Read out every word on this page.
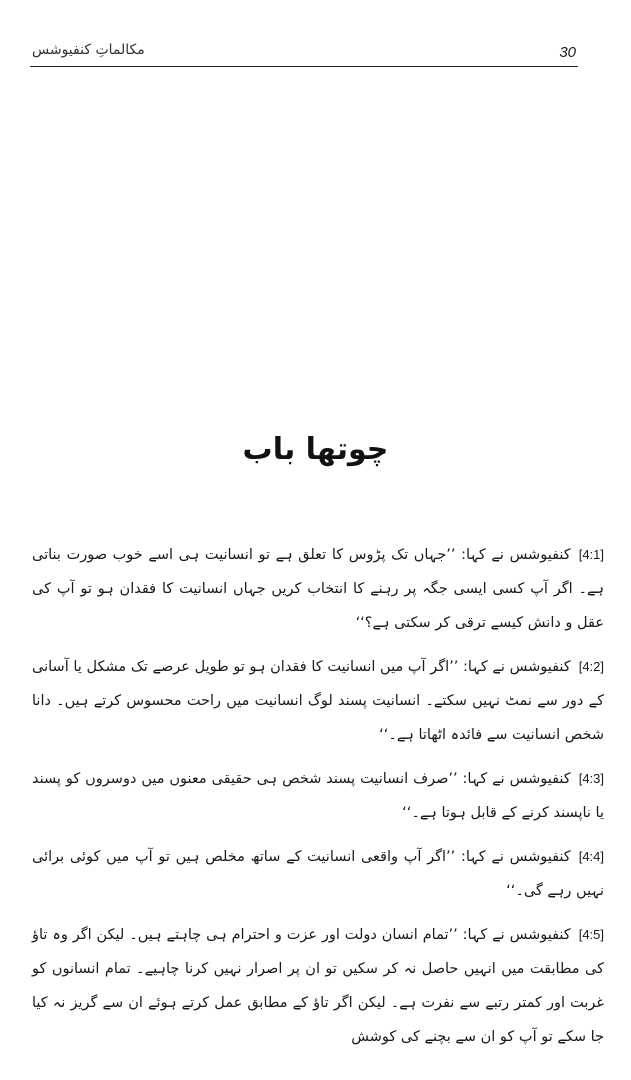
مکالماتِ کنفیوشس	30
چوتھا باب

[4:1]کنفیوشس نے کہا: ’’جہاں تک پڑوس کا تعلق ہے تو انسانیت ہی اسے خوب صورت بناتی ہے۔ اگر آپ کسی ایسی جگہ پر رہنے کا انتخاب کریں جہاں انسانیت کا فقدان ہو تو آپ کی عقل و دانش کیسے ترقی کر سکتی ہے؟‘‘

[4:2]کنفیوشس نے کہا: ’’اگر آپ میں انسانیت کا فقدان ہو تو طویل عرصے تک مشکل یا آسانی کے دور سے نمٹ نہیں سکتے۔ انسانیت پسند لوگ انسانیت میں راحت محسوس کرتے ہیں۔ دانا شخص انسانیت سے فائدہ اٹھاتا ہے۔‘‘

[4:3]کنفیوشس نے کہا: ’’صرف انسانیت پسند شخص ہی حقیقی معنوں میں دوسروں کو پسند یا ناپسند کرنے کے قابل ہوتا ہے۔‘‘

[4:4]کنفیوشس نے کہا: ’’اگر آپ واقعی انسانیت کے ساتھ مخلص ہیں تو آپ میں کوئی برائی نہیں رہے گی۔‘‘

[4:5]کنفیوشس نے کہا: ’’تمام انسان دولت اور عزت و احترام ہی چاہتے ہیں۔ لیکن اگر وہ تاؤ کی مطابقت میں انہیں حاصل نہ کر سکیں تو ان پر اصرار نہیں کرنا چاہیے۔ تمام انسانوں کو غربت اور کمتر رتبے سے نفرت ہے۔ لیکن اگر تاؤ کے مطابق عمل کرتے ہوئے ان سے گریز نہ کیا جا سکے تو آپ کو ان سے بچنے کی کوشش
